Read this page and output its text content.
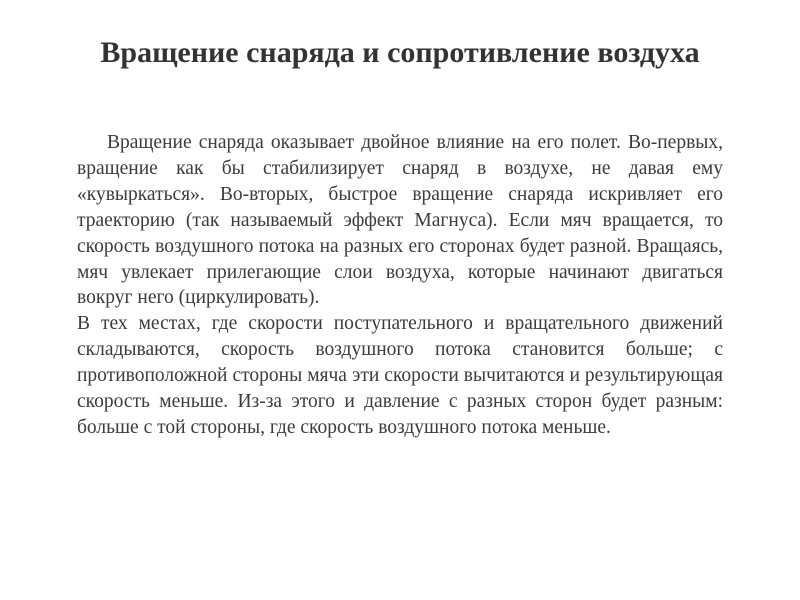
Вращение снаряда и сопротивление воздуха

Вращение снаряда оказывает двойное влияние на его полет. Во-первых, вращение как бы стабилизирует снаряд в воздухе, не давая ему «кувыркаться». Во-вторых, быстрое вращение снаряда искривляет его траекторию (так называемый эффект Магнуса). Если мяч вращается, то скорость воздушного потока на разных его сторонах будет разной. Вращаясь, мяч увлекает прилегающие слои воздуха, которые начинают двигаться вокруг него (циркулировать).

В тех местах, где скорости поступательного и вращательного движений складываются, скорость воздушного потока становится больше; с противоположной стороны мяча эти скорости вычитаются и результирующая скорость меньше. Из-за этого и давление с разных сторон будет разным: больше с той стороны, где скорость воздушного потока меньше.
